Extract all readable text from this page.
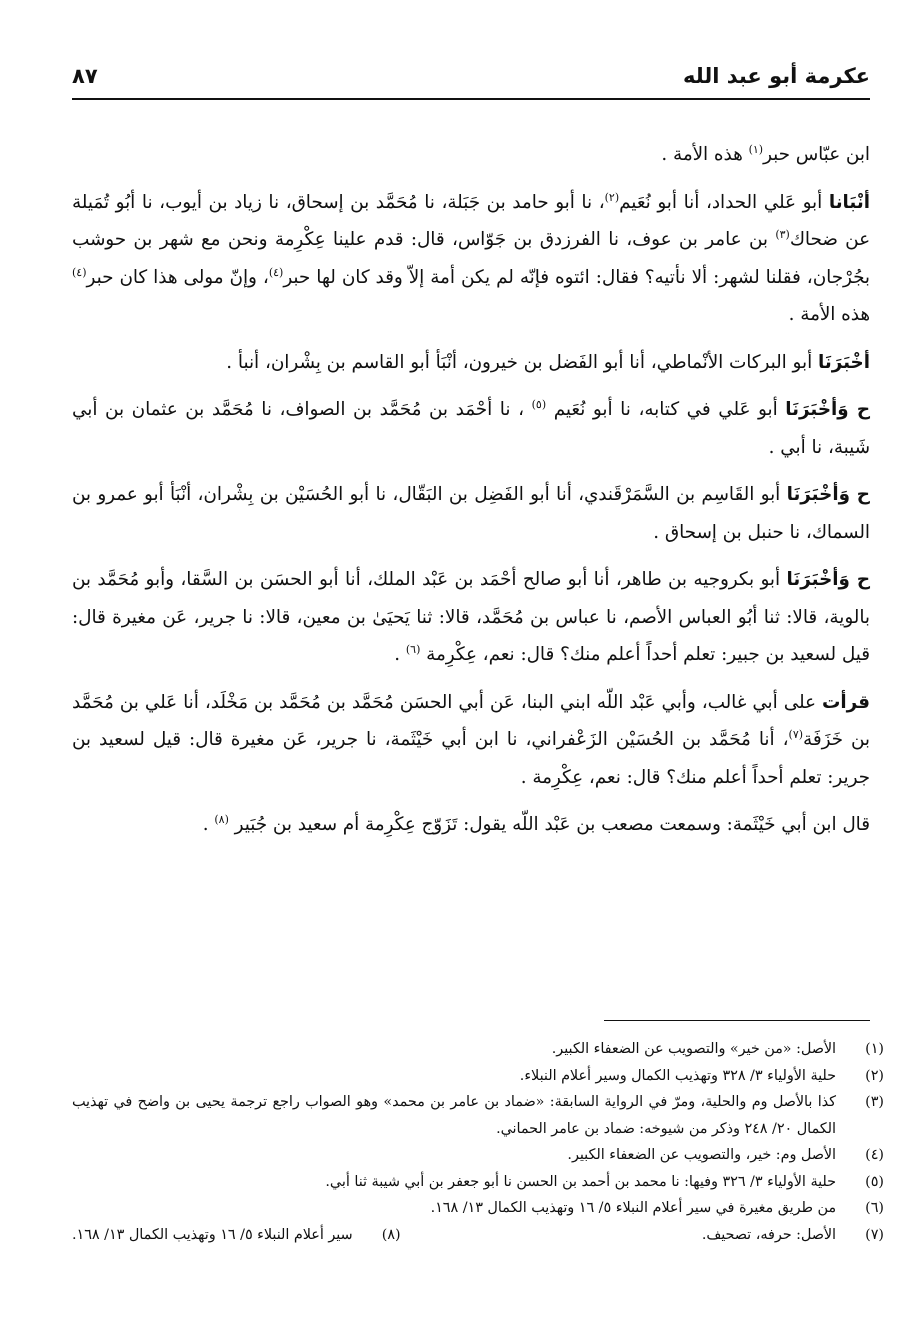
عكرمة أبو عبد الله
٨٧

ابن عبّاس حبر$^{(١)}$ هذه الأمة .

أنْبَانا أبو عَلي الحداد، أنا أبو نُعَيم$^{(٢)}$، نا أبو حامد بن جَبَلة، نا مُحَمَّد بن إسحاق، نا زياد بن أيوب، نا أبُو تُمَيلة عن ضحاك$^{(٣)}$ بن عامر بن عوف، نا الفرزدق بن جَوّاس، قال: قدم علينا عِكْرِمة ونحن مع شهر بن حوشب بجُرْجان، فقلنا لشهر: ألا نأتيه؟ فقال: ائتوه فإنّه لم يكن أمة إلاّ وقد كان لها حبر$^{(٤)}$، وإنّ مولى هذا كان حبر$^{(٤)}$ هذه الأمة .

أخْبَرَنَا أبو البركات الأنْماطي، أنا أبو الفَضل بن خيرون، أنْبَأ أبو القاسم بن بِشْران، أنبأ .

ح وَأخْبَرَنَا أبو عَلي في كتابه، نا أبو نُعَيم $^{(٥)}$ ، نا أحْمَد بن مُحَمَّد بن الصواف، نا مُحَمَّد بن عثمان بن أبي شَيبة، نا أبي .

ح وَأخْبَرَنَا أبو القَاسِم بن السَّمَرْقَندي، أنا أبو الفَضِل بن البَقّال، نا أبو الحُسَيْن بن بِشْران، أنْبَأ أبو عمرو بن السماك، نا حنبل بن إسحاق .

ح وَأخْبَرَنَا أبو بكروجيه بن طاهر، أنا أبو صالح أحْمَد بن عَبْد الملك، أنا أبو الحسَن بن السَّقا، وأبو مُحَمَّد بن بالوية، قالا: ثنا أبُو العباس الأصم، نا عباس بن مُحَمَّد، قالا: ثنا يَحيَىٰ بن معين، قالا: نا جرير، عَن مغيرة قال: قيل لسعيد بن جبير: تعلم أحداً أعلم منك؟ قال: نعم، عِكْرِمة $^{(٦)}$ .

قرأت على أبي غالب، وأبي عَبْد اللّه ابني البنا، عَن أبي الحسَن مُحَمَّد بن مُحَمَّد بن مَخْلَد، أنا عَلي بن مُحَمَّد بن خَزَفَة$^{(٧)}$، أنا مُحَمَّد بن الحُسَيْن الزَعْفراني، نا ابن أبي خَيْثَمة، نا جرير، عَن مغيرة قال: قيل لسعيد بن جرير: تعلم أحداً أعلم منك؟ قال: نعم، عِكْرِمة .

قال ابن أبي خَيْثَمة: وسمعت مصعب بن عَبْد اللّه يقول: تَزَوّج عِكْرِمة أم سعيد بن جُبَير $^{(٨)}$ .

(١)
الأصل: «من خير» والتصويب عن الضعفاء الكبير.
(٢)
حلية الأولياء ٣/ ٣٢٨ وتهذيب الكمال وسير أعلام النبلاء.
(٣)
كذا بالأصل وم والحلية، ومرّ في الرواية السابقة: «ضماد بن عامر بن محمد» وهو الصواب راجع ترجمة يحيى بن واضح في تهذيب الكمال ٢٠/ ٢٤٨ وذكر من شيوخه: ضماد بن عامر الحماني.
(٤)
الأصل وم: خير، والتصويب عن الضعفاء الكبير.
(٥)
حلية الأولياء ٣/ ٣٢٦ وفيها: نا محمد بن أحمد بن الحسن نا أبو جعفر بن أبي شيبة ثنا أبي.
(٦)
من طريق مغيرة في سير أعلام النبلاء ٥/ ١٦ وتهذيب الكمال ١٣/ ١٦٨.
(٧)
الأصل: حرفه، تصحيف.
(٨)
سير أعلام النبلاء ٥/ ١٦ وتهذيب الكمال ١٣/ ١٦٨.
